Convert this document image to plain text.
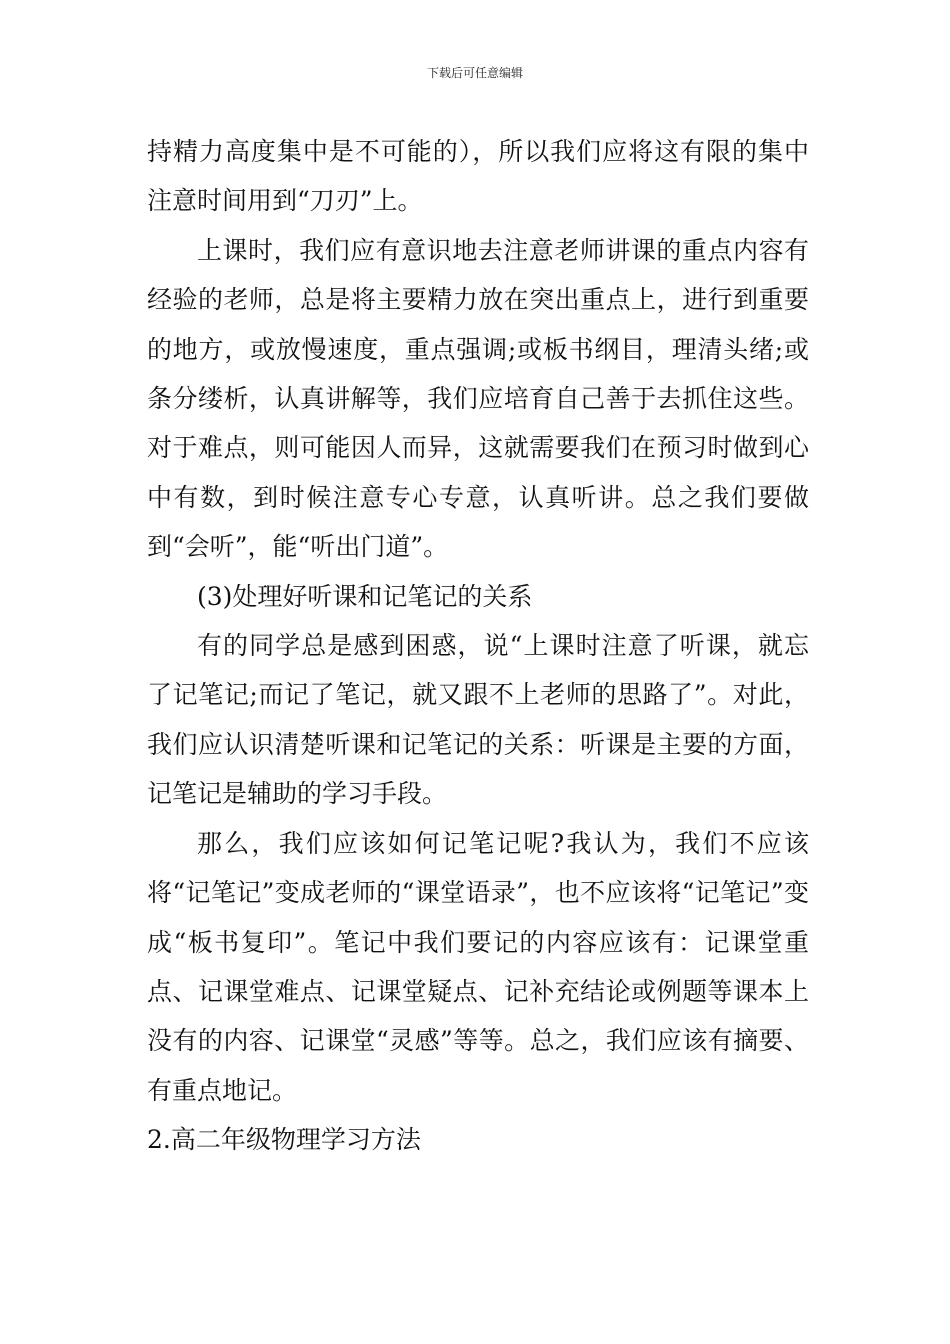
下载后可任意编辑

持精力高度集中是不可能的），所以我们应将这有限的集中注意时间用到“刀刃”上。

上课时，我们应有意识地去注意老师讲课的重点内容有经验的老师，总是将主要精力放在突出重点上，进行到重要的地方，或放慢速度，重点强调;或板书纲目，理清头绪;或条分缕析，认真讲解等，我们应培育自己善于去抓住这些。对于难点，则可能因人而异，这就需要我们在预习时做到心中有数，到时候注意专心专意，认真听讲。总之我们要做到“会听”，能“听出门道”。

(3)处理好听课和记笔记的关系

有的同学总是感到困惑，说“上课时注意了听课，就忘了记笔记;而记了笔记，就又跟不上老师的思路了”。对此，我们应认识清楚听课和记笔记的关系：听课是主要的方面，记笔记是辅助的学习手段。

那么，我们应该如何记笔记呢?我认为，我们不应该将“记笔记”变成老师的“课堂语录”，也不应该将“记笔记”变成“板书复印”。笔记中我们要记的内容应该有：记课堂重点、记课堂难点、记课堂疑点、记补充结论或例题等课本上没有的内容、记课堂“灵感”等等。总之，我们应该有摘要、有重点地记。

2.高二年级物理学习方法
